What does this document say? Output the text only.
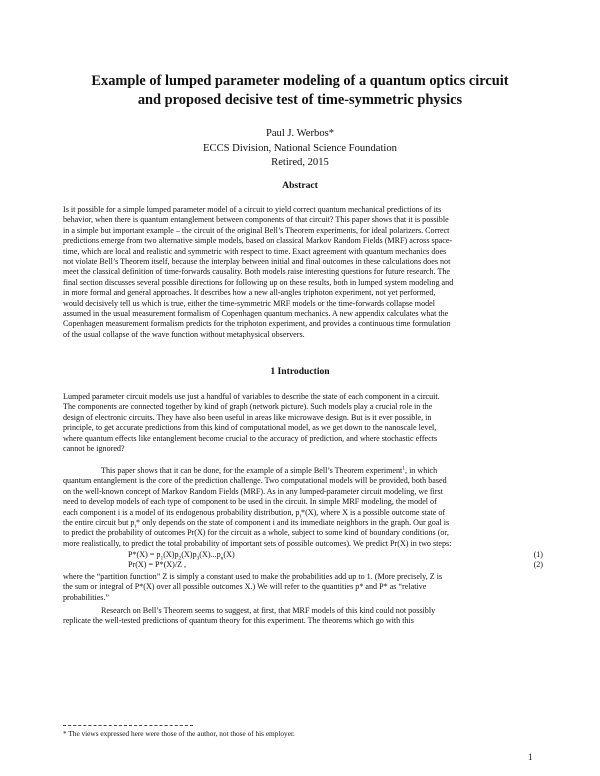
Example of lumped parameter modeling of a quantum optics circuit
and proposed decisive test of time-symmetric physics
Paul J. Werbos*
ECCS Division, National Science Foundation
Retired, 2015
Abstract
Is it possible for a simple lumped parameter model of a circuit to yield correct quantum mechanical predictions of its
behavior, when there is quantum entanglement between components of that circuit? This paper shows that it is possible
in a simple but important example – the circuit of the original Bell’s Theorem experiments, for ideal polarizers. Correct
predictions emerge from two alternative simple models, based on classical Markov Random Fields (MRF) across space-
time, which are local and realistic and symmetric with respect to time. Exact agreement with quantum mechanics does
not violate Bell’s Theorem itself, because the interplay between initial and final outcomes in these calculations does not
meet the classical definition of time-forwards causality. Both models raise interesting questions for future research. The
final section discusses several possible directions for following up on these results, both in lumped system modeling and
in more formal and general approaches. It describes how a new all-angles triphoton experiment, not yet performed,
would decisively tell us which is true, either the time-symmetric MRF models or the time-forwards collapse model
assumed in the usual measurement formalism of Copenhagen quantum mechanics. A new appendix calculates what the
Copenhagen measurement formalism predicts for the triphoton experiment, and provides a continuous time formulation
of the usual collapse of the wave function without metaphysical observers.
1 Introduction
Lumped parameter circuit models use just a handful of variables to describe the state of each component in a circuit.
The components are connected together by kind of graph (network picture). Such models play a crucial role in the
design of electronic circuits. They have also been useful in areas like microwave design. But is it ever possible, in
principle, to get accurate predictions from this kind of computational model, as we get down to the nanoscale level,
where quantum effects like entanglement become crucial to the accuracy of prediction, and where stochastic effects
cannot be ignored?
This paper shows that it can be done, for the example of a simple Bell’s Theorem experiment$^1$, in which
quantum entanglement is the core of the prediction challenge. Two computational models will be provided, both based
on the well-known concept of Markov Random Fields (MRF). As in any lumped-parameter circuit modeling, we first
need to develop models of each type of component to be used in the circuit. In simple MRF modeling, the model of
each component i is a model of its endogenous probability distribution, $p_i*(X)$, where X is a possible outcome state of
the entire circuit but $p_i*$ only depends on the state of component i and its immediate neighbors in the graph. Our goal is
to predict the probability of outcomes Pr(X) for the circuit as a whole, subject to some kind of boundary conditions (or,
more realistically, to predict the total probability of important sets of possible outcomes). We predict Pr(X) in two steps:
$P*(X) = p_1(X)p_2(X)p_3(X)...p_n(X)$	(1)
Pr(X) = P*(X)/Z ,	(2)
where the “partition function” Z is simply a constant used to make the probabilities add up to 1. (More precisely, Z is
the sum or integral of P*(X) over all possible outcomes X.) We will refer to the quantities p* and P* as “relative
probabilities.”
Research on Bell’s Theorem seems to suggest, at first, that MRF models of this kind could not possibly
replicate the well-tested predictions of quantum theory for this experiment. The theorems which go with this
* The views expressed here were those of the author, not those of his employer.
1
